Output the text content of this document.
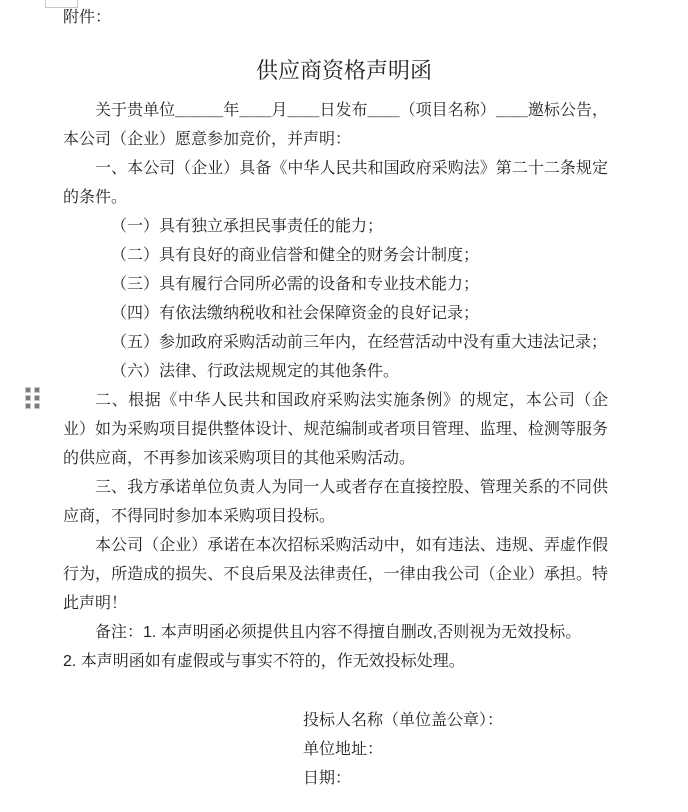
附件：
供应商资格声明函

关于贵单位＿＿＿年＿＿月＿＿日发布＿＿（项目名称）＿＿邀标公告，本公司（企业）愿意参加竞价，并声明：

一、本公司（企业）具备《中华人民共和国政府采购法》第二十二条规定的条件。

（一）具有独立承担民事责任的能力；

（二）具有良好的商业信誉和健全的财务会计制度；

（三）具有履行合同所必需的设备和专业技术能力；

（四）有依法缴纳税收和社会保障资金的良好记录；

（五）参加政府采购活动前三年内，在经营活动中没有重大违法记录；

（六）法律、行政法规规定的其他条件。

二、根据《中华人民共和国政府采购法实施条例》的规定，本公司（企业）如为采购项目提供整体设计、规范编制或者项目管理、监理、检测等服务的供应商，不再参加该采购项目的其他采购活动。

三、我方承诺单位负责人为同一人或者存在直接控股、管理关系的不同供应商，不得同时参加本采购项目投标。

本公司（企业）承诺在本次招标采购活动中，如有违法、违规、弄虚作假行为，所造成的损失、不良后果及法律责任，一律由我公司（企业）承担。特此声明！

备注：1. 本声明函必须提供且内容不得擅自删改,否则视为无效投标。

2. 本声明函如有虚假或与事实不符的，作无效投标处理。

投标人名称（单位盖公章）：
单位地址：
日期：
